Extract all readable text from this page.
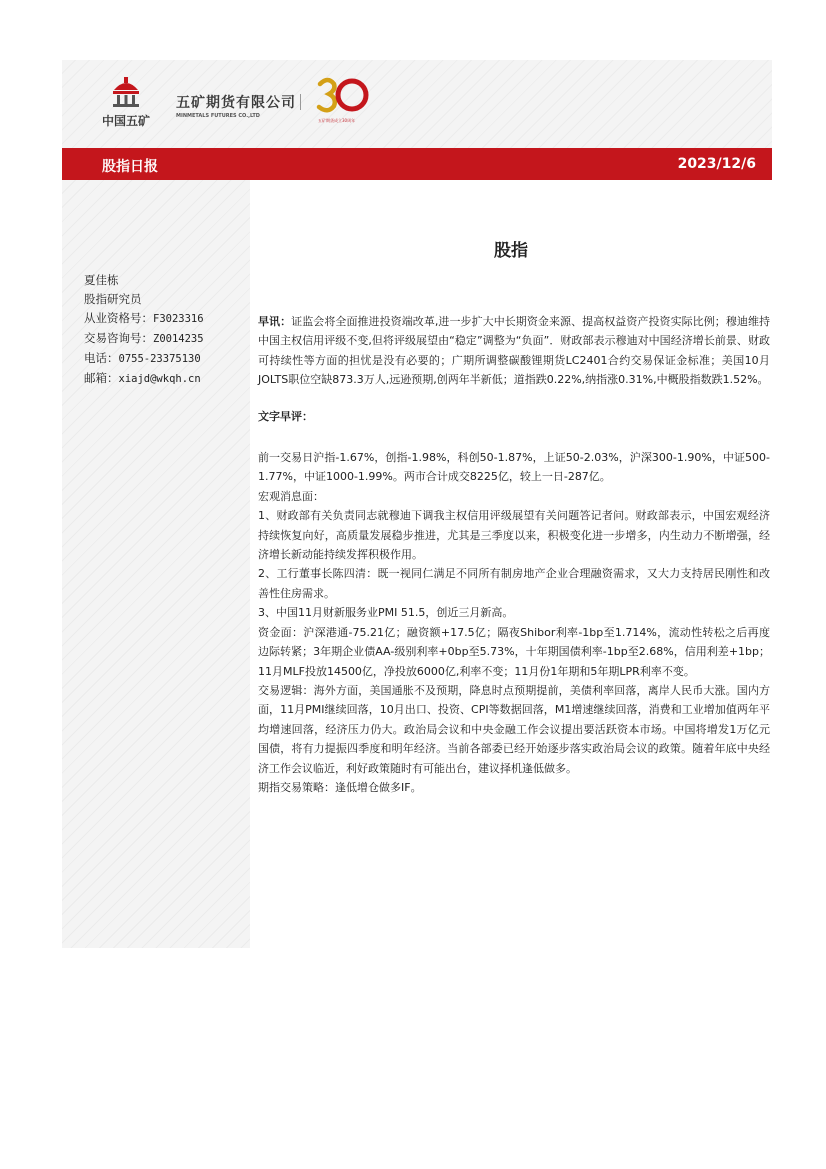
中国五矿
五矿期货有限公司
MINMETALS FUTURES CO.,LTD
五矿期货成立30周年
股指日报	2023/12/6
夏佳栋
股指研究员
从业资格号：F3023316
交易咨询号：Z0014235
电话：0755-23375130
邮箱：xiajd@wkqh.cn
股指

早讯：证监会将全面推进投资端改革,进一步扩大中长期资金来源、提高权益资产投资实际比例；穆迪维持中国主权信用评级不变,但将评级展望由“稳定”调整为“负面”．财政部表示穆迪对中国经济增长前景、财政可持续性等方面的担忧是没有必要的；广期所调整碳酸锂期货LC2401合约交易保证金标准；美国10月JOLTS职位空缺873.3万人,远逊预期,创两年半新低；道指跌0.22%,纳指涨0.31%,中概股指数跌1.52%。

文字早评：

前一交易日沪指-1.67%，创指-1.98%，科创50-1.87%，上证50-2.03%，沪深300-1.90%，中证500-1.77%，中证1000-1.99%。两市合计成交8225亿，较上一日-287亿。

宏观消息面：

1、财政部有关负责同志就穆迪下调我主权信用评级展望有关问题答记者问。财政部表示，中国宏观经济持续恢复向好，高质量发展稳步推进，尤其是三季度以来，积极变化进一步增多，内生动力不断增强，经济增长新动能持续发挥积极作用。

2、工行董事长陈四清：既一视同仁满足不同所有制房地产企业合理融资需求，又大力支持居民刚性和改善性住房需求。

3、中国11月财新服务业PMI 51.5，创近三月新高。

资金面：沪深港通-75.21亿；融资额+17.5亿；隔夜Shibor利率-1bp至1.714%，流动性转松之后再度边际转紧；3年期企业债AA-级别利率+0bp至5.73%，十年期国债利率-1bp至2.68%，信用利差+1bp；11月MLF投放14500亿，净投放6000亿,利率不变；11月份1年期和5年期LPR利率不变。

交易逻辑：海外方面，美国通胀不及预期，降息时点预期提前，美债利率回落，离岸人民币大涨。国内方面，11月PMI继续回落，10月出口、投资、CPI等数据回落，M1增速继续回落，消费和工业增加值两年平均增速回落，经济压力仍大。政治局会议和中央金融工作会议提出要活跃资本市场。中国将增发1万亿元国债，将有力提振四季度和明年经济。当前各部委已经开始逐步落实政治局会议的政策。随着年底中央经济工作会议临近，利好政策随时有可能出台，建议择机逢低做多。

期指交易策略：逢低增仓做多IF。
